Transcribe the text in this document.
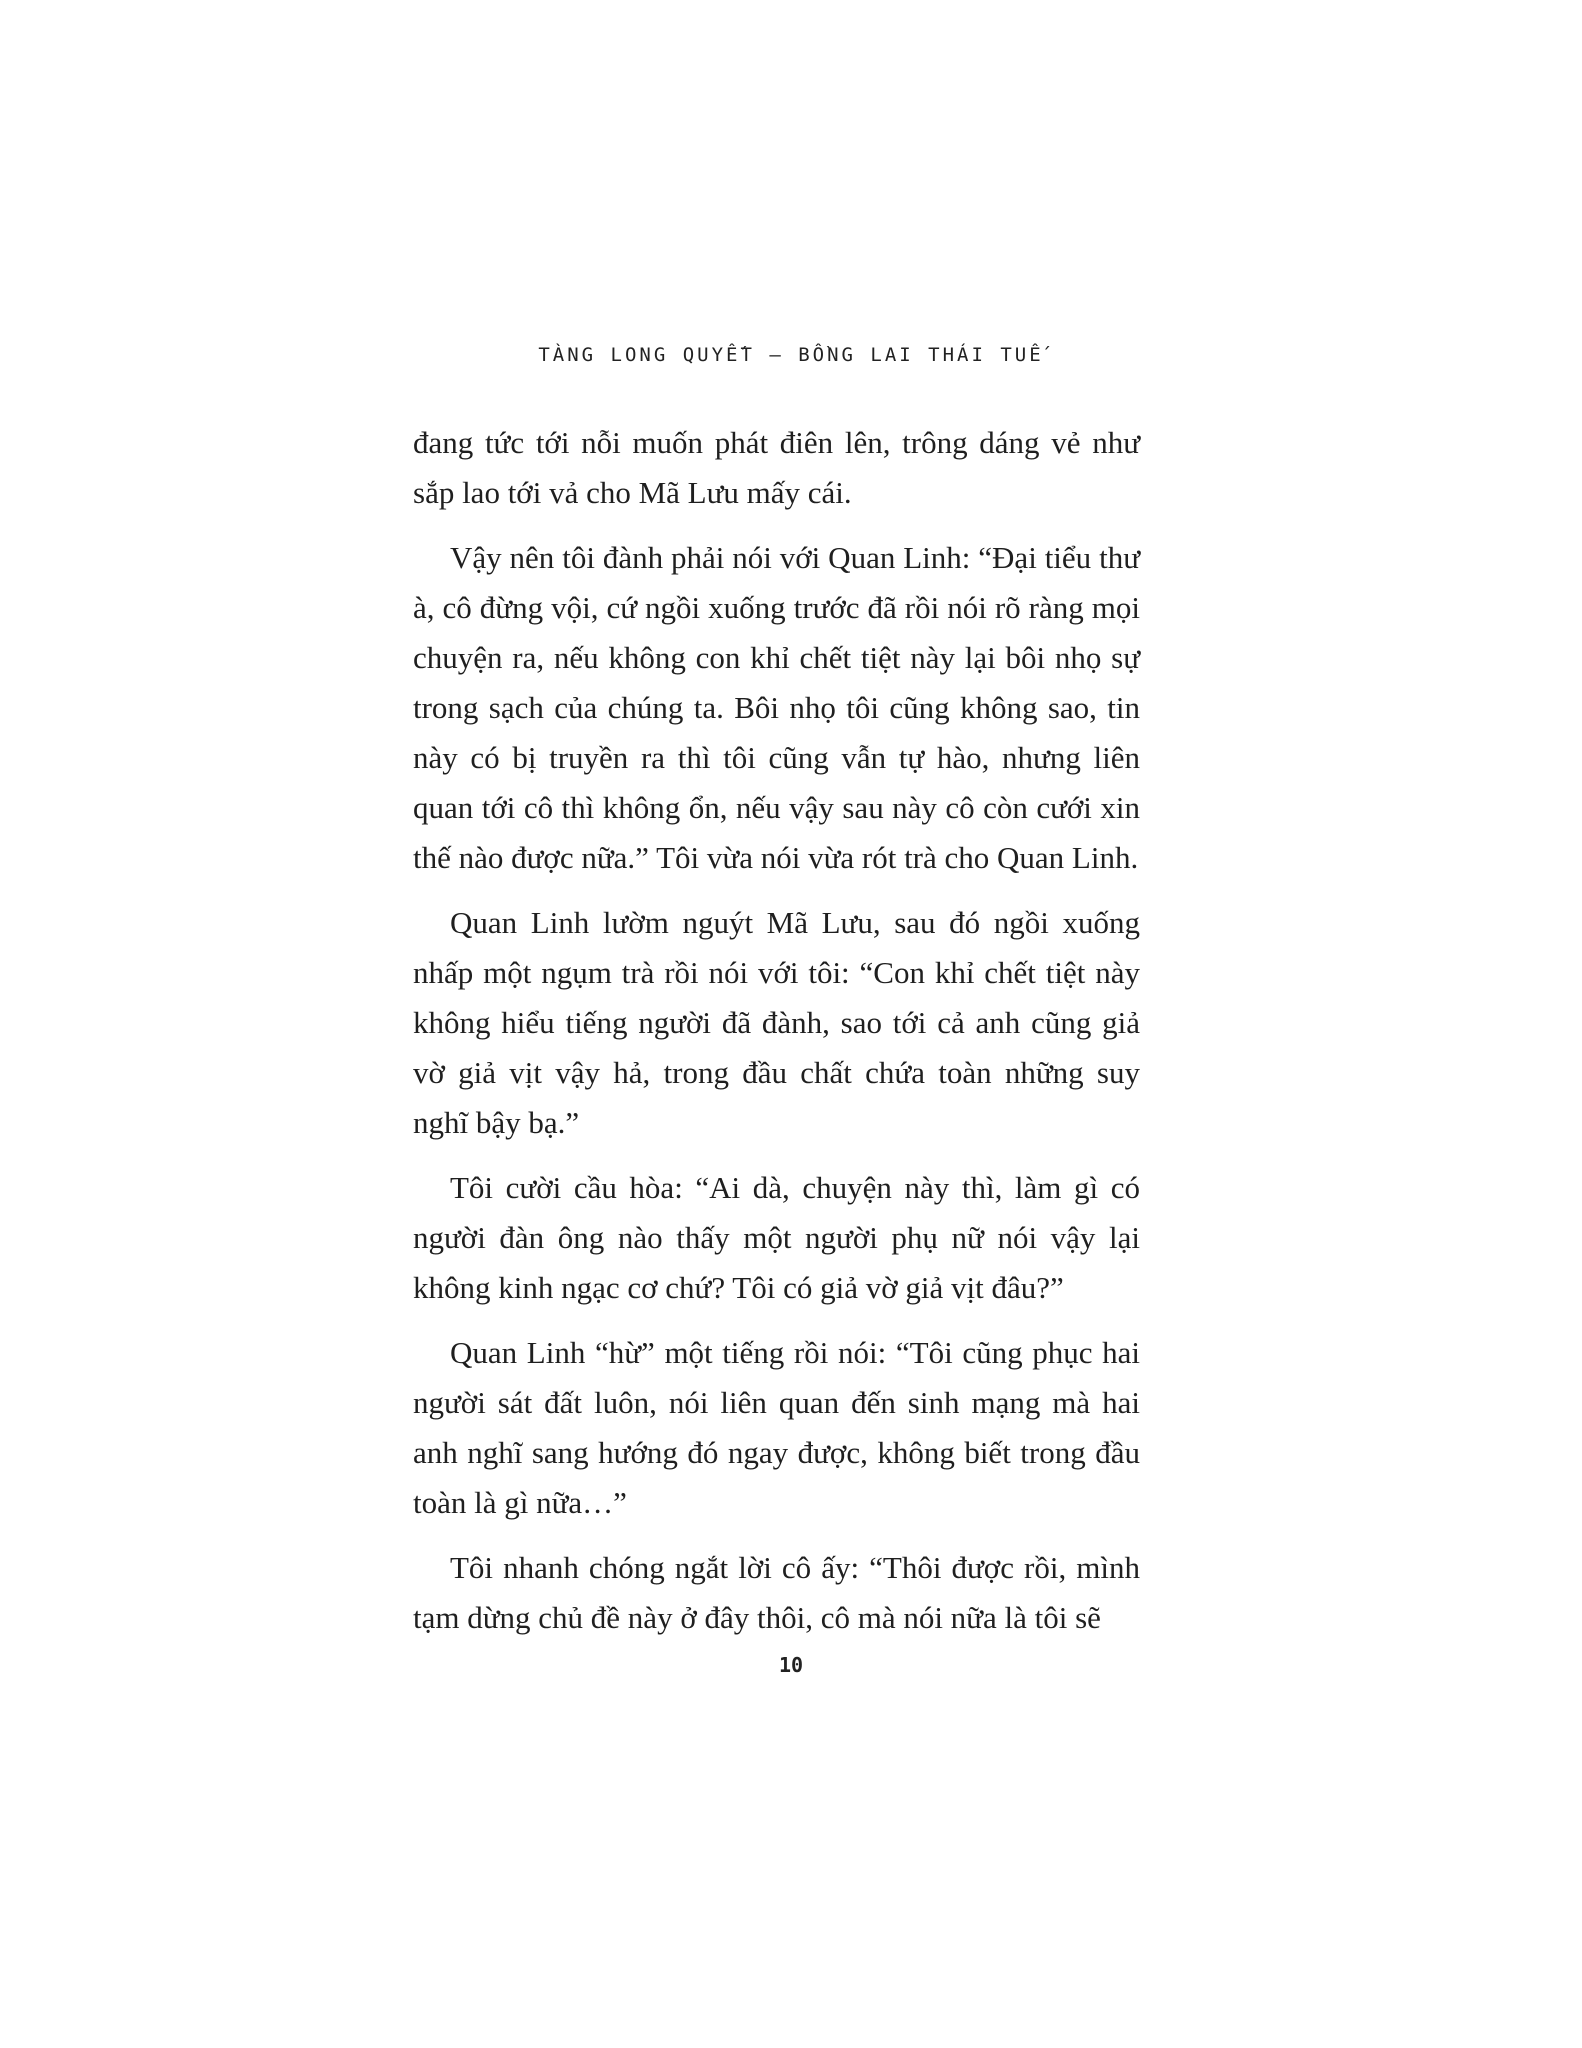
TÀNG LONG QUYẾT – BỒNG LAI THÁI TUẾ

đang tức tới nỗi muốn phát điên lên, trông dáng vẻ như sắp lao tới vả cho Mã Lưu mấy cái.

Vậy nên tôi đành phải nói với Quan Linh: “Đại tiểu thư à, cô đừng vội, cứ ngồi xuống trước đã rồi nói rõ ràng mọi chuyện ra, nếu không con khỉ chết tiệt này lại bôi nhọ sự trong sạch của chúng ta. Bôi nhọ tôi cũng không sao, tin này có bị truyền ra thì tôi cũng vẫn tự hào, nhưng liên quan tới cô thì không ổn, nếu vậy sau này cô còn cưới xin thế nào được nữa.” Tôi vừa nói vừa rót trà cho Quan Linh.

Quan Linh lườm nguýt Mã Lưu, sau đó ngồi xuống nhấp một ngụm trà rồi nói với tôi: “Con khỉ chết tiệt này không hiểu tiếng người đã đành, sao tới cả anh cũng giả vờ giả vịt vậy hả, trong đầu chất chứa toàn những suy nghĩ bậy bạ.”

Tôi cười cầu hòa: “Ai dà, chuyện này thì, làm gì có người đàn ông nào thấy một người phụ nữ nói vậy lại không kinh ngạc cơ chứ? Tôi có giả vờ giả vịt đâu?”

Quan Linh “hừ” một tiếng rồi nói: “Tôi cũng phục hai người sát đất luôn, nói liên quan đến sinh mạng mà hai anh nghĩ sang hướng đó ngay được, không biết trong đầu toàn là gì nữa…”

Tôi nhanh chóng ngắt lời cô ấy: “Thôi được rồi, mình tạm dừng chủ đề này ở đây thôi, cô mà nói nữa là tôi sẽ

10
